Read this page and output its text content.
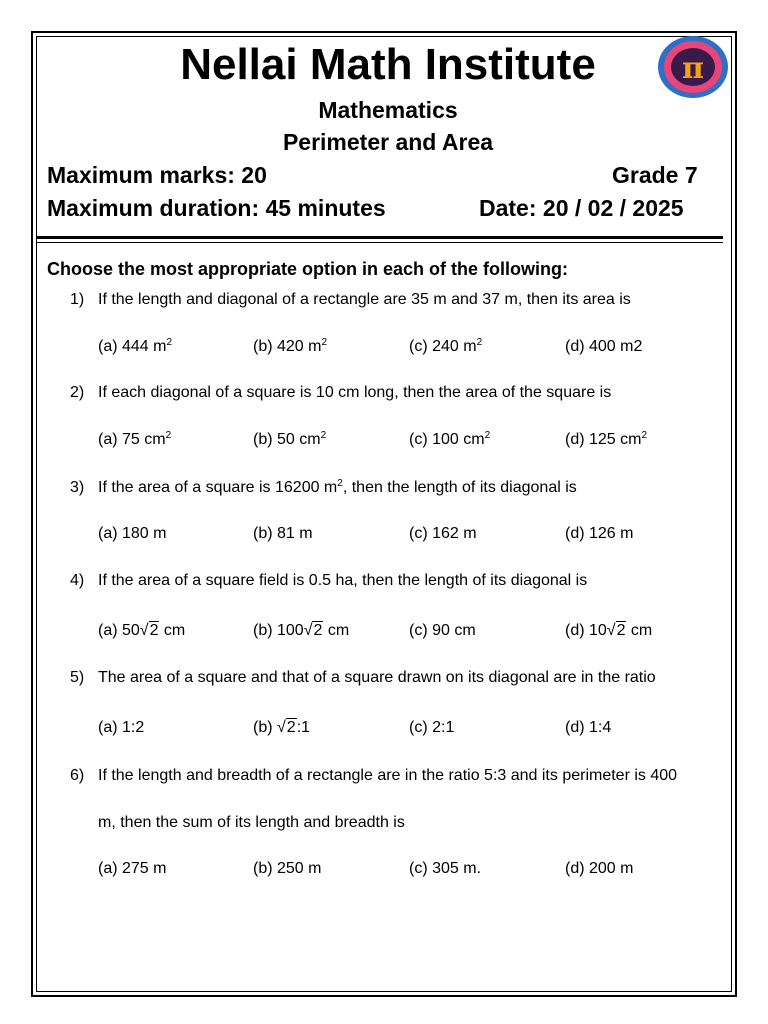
Nellai Math Institute	π
Mathematics
Perimeter and Area
Maximum marks: 20	Grade 7
Maximum duration: 45 minutes	Date: 20 / 02 / 2025
Choose the most appropriate option in each of the following:
1) If the length and diagonal of a rectangle are 35 m and 37 m, then its area is
(a) 444 $m^2$	(b) 420 $m^2$	(c) 240 $m^2$	(d) 400 m2
2) If each diagonal of a square is 10 cm long, then the area of the square is
(a) 75 $cm^2$	(b) 50 $cm^2$	(c) 100 $cm^2$	(d) 125 $cm^2$
3) If the area of a square is 16200 $m^2$, then the length of its diagonal is
(a) 180 m	(b) 81 m	(c) 162 m	(d) 126 m
4) If the area of a square field is 0.5 ha, then the length of its diagonal is
(a) 50√2 cm	(b) 100√2 cm	(c) 90 cm	(d) 10√2 cm
5) The area of a square and that of a square drawn on its diagonal are in the ratio
(a) 1:2	(b) √2:1	(c) 2:1	(d) 1:4
6) If the length and breadth of a rectangle are in the ratio 5:3 and its perimeter is 400
m, then the sum of its length and breadth is
(a) 275 m	(b) 250 m	(c) 305 m.	(d) 200 m
